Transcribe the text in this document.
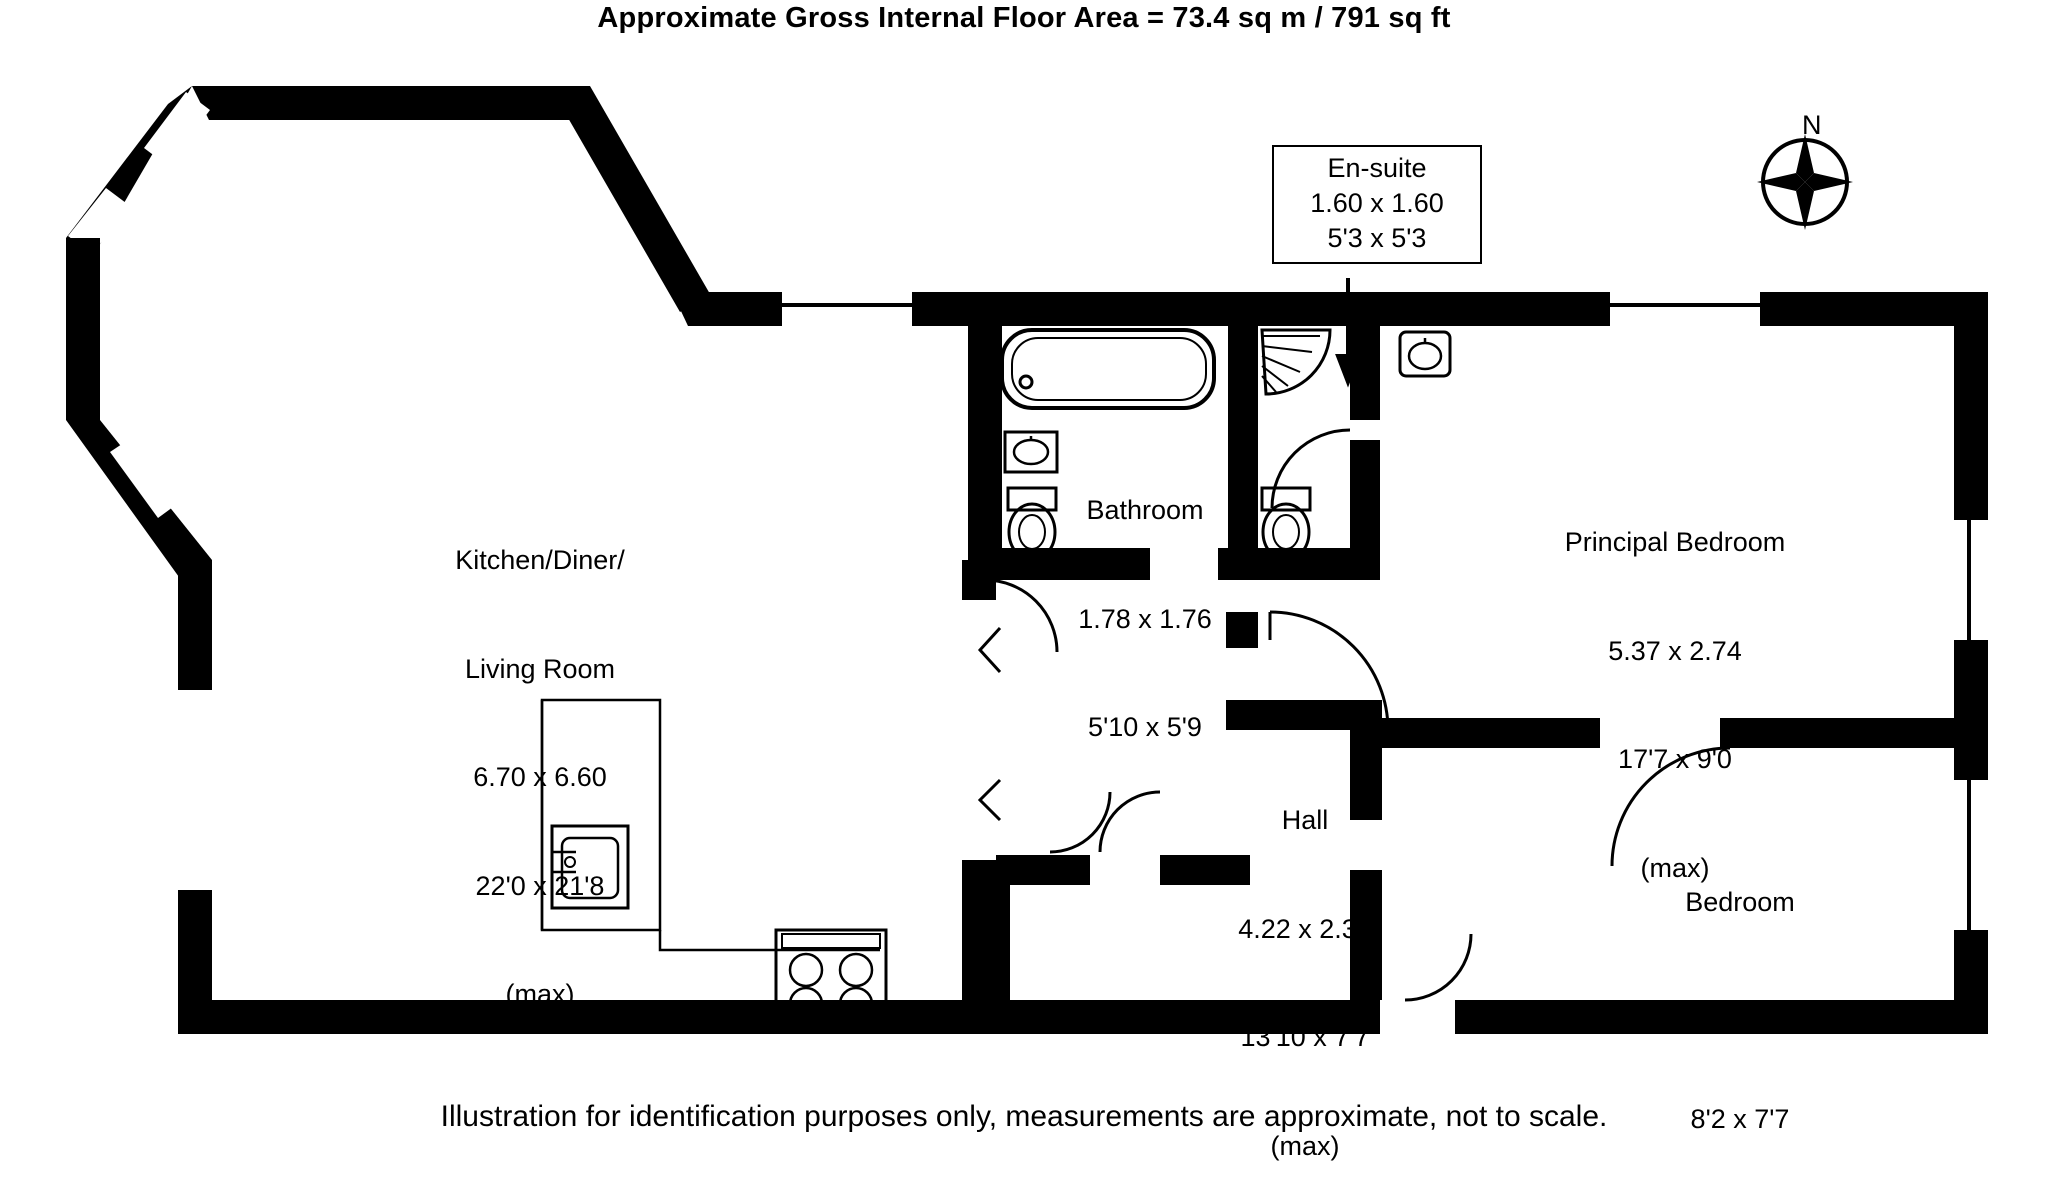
Approximate Gross Internal Floor Area = 73.4 sq m / 791 sq ft
En-suite
1.60 x 1.60
5'3 x 5'3

Kitchen/Diner/

Living Room

6.70 x 6.60

22'0 x 21'8

(max)

Bathroom

1.78 x 1.76

5'10 x 5'9

Principal Bedroom

5.37 x 2.74

17'7 x 9'0

(max)

Hall

4.22 x 2.30

13'10 x 7'7

(max)

Bedroom

2.50 x 2.30

8'2 x 7'7

N
Illustration for identification purposes only, measurements are approximate, not to scale.
